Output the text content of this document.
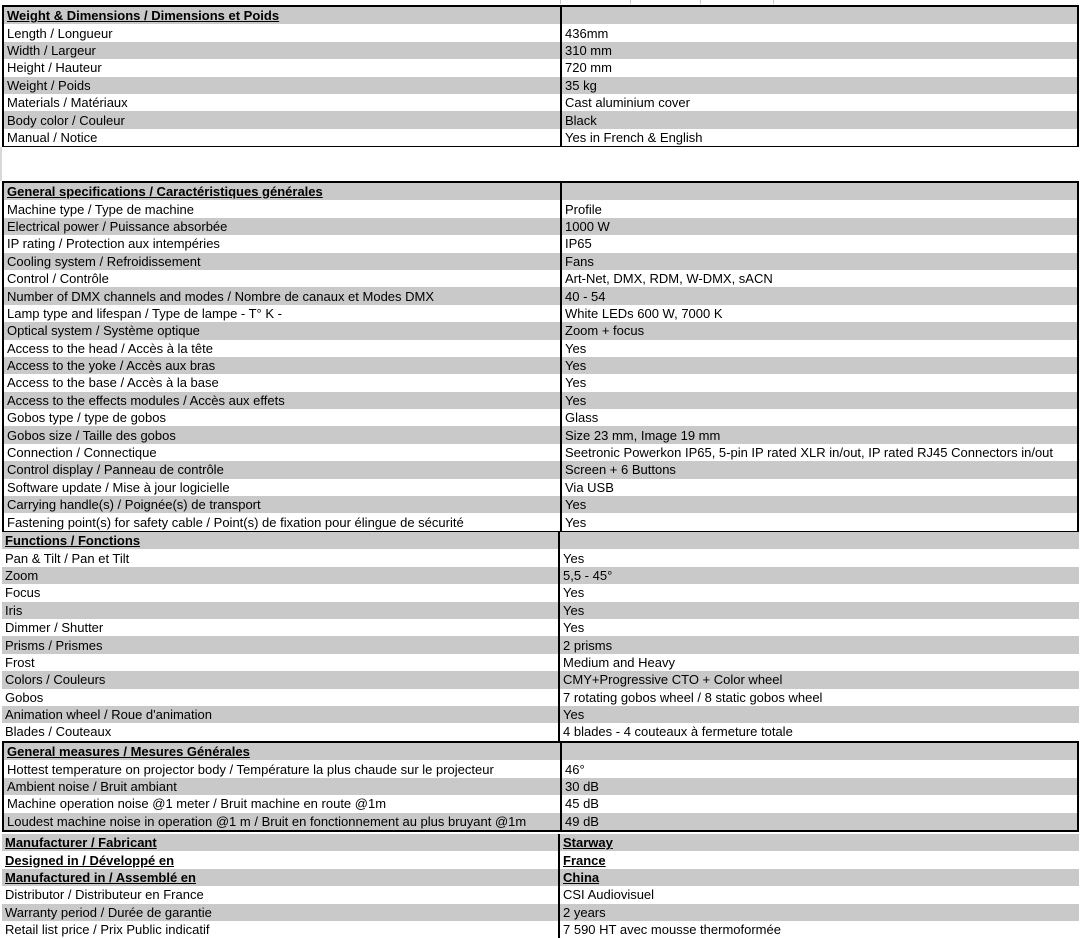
Weight & Dimensions / Dimensions et Poids	
Length / Longueur	436mm
Width / Largeur	310 mm
Height / Hauteur	720 mm
Weight / Poids	35 kg
Materials / Matériaux	Cast aluminium cover
Body color / Couleur	Black
Manual / Notice	Yes in French & English
General specifications / Caractéristiques générales	
Machine type / Type de machine	Profile
Electrical power / Puissance absorbée	1000 W
IP rating / Protection aux intempéries	IP65
Cooling system / Refroidissement	Fans
Control / Contrôle	Art-Net, DMX, RDM, W-DMX, sACN
Number of DMX channels and modes / Nombre de canaux et Modes DMX	40 - 54
Lamp type and lifespan / Type de lampe - T° K -	White LEDs 600 W, 7000 K
Optical system / Système optique	Zoom + focus
Access to the head / Accès à la tête	Yes
Access to the yoke / Accès aux bras	Yes
Access to the base / Accès à la base	Yes
Access to the effects modules / Accès aux effets	Yes
Gobos type / type de gobos	Glass
Gobos size / Taille des gobos	Size 23 mm, Image 19 mm
Connection / Connectique	Seetronic Powerkon IP65, 5-pin IP rated XLR in/out, IP rated RJ45 Connectors in/out
Control display / Panneau de contrôle	Screen + 6 Buttons
Software update / Mise à jour logicielle	Via USB
Carrying handle(s) / Poignée(s) de transport	Yes
Fastening point(s) for safety cable / Point(s) de fixation pour élingue de sécurité	Yes
Functions / Fonctions	
Pan & Tilt / Pan et Tilt	Yes
Zoom	5,5 - 45°
Focus	Yes
Iris	Yes
Dimmer / Shutter	Yes
Prisms / Prismes	2 prisms
Frost	Medium and Heavy
Colors / Couleurs	CMY+Progressive CTO + Color wheel
Gobos	7 rotating gobos wheel / 8 static gobos wheel
Animation wheel / Roue d'animation	Yes
Blades / Couteaux	4 blades - 4 couteaux à fermeture totale
General measures / Mesures Générales	
Hottest temperature on projector body / Température la plus chaude sur le projecteur	46°
Ambient noise / Bruit ambiant	30 dB
Machine operation noise @1 meter / Bruit machine en route @1m	45 dB
Loudest machine noise in operation @1 m / Bruit en fonctionnement au plus bruyant @1m	49 dB
Manufacturer / Fabricant	Starway
Designed in / Développé en	France
Manufactured in / Assemblé en	China
Distributor / Distributeur en France	CSI Audiovisuel
Warranty period / Durée de garantie	2 years
Retail list price / Prix Public indicatif	7 590 HT avec mousse thermoformée
